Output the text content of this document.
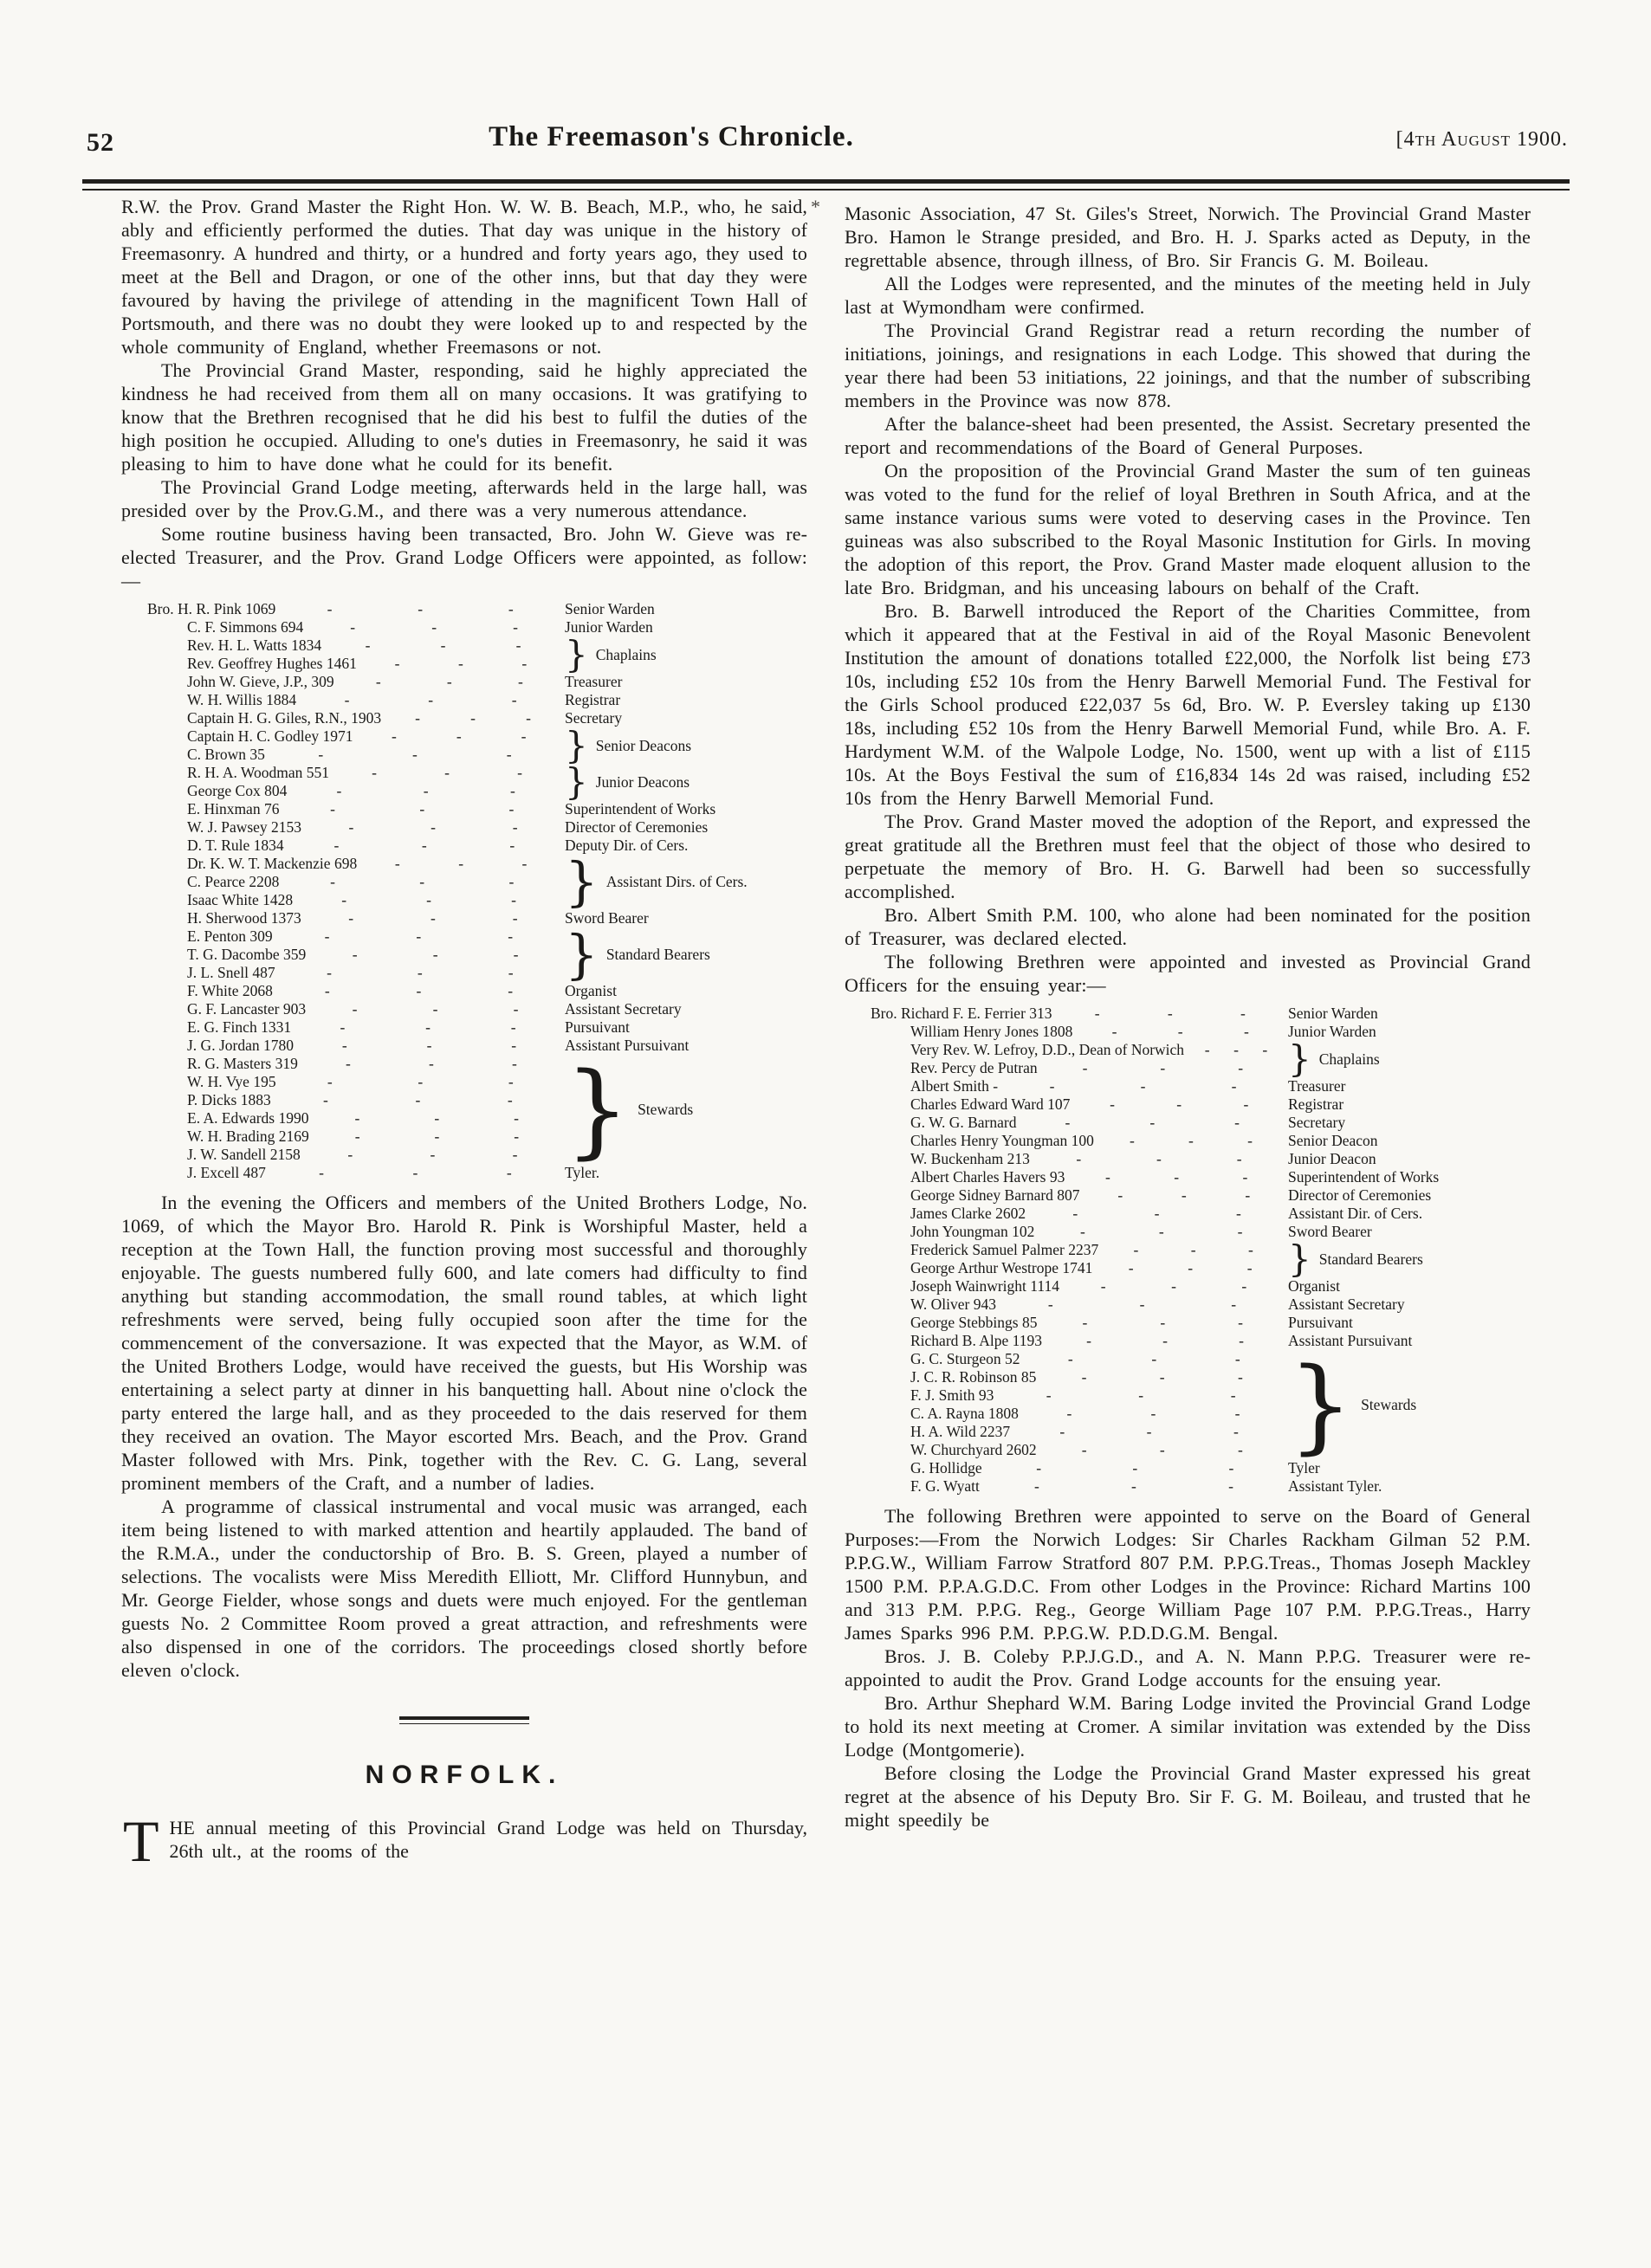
52	The Freemason's Chronicle.	[4th August 1900.
*

R.W. the Prov. Grand Master the Right Hon. W. W. B. Beach, M.P., who, he said, ably and efficiently performed the duties. That day was unique in the history of Freemasonry. A hundred and thirty, or a hundred and forty years ago, they used to meet at the Bell and Dragon, or one of the other inns, but that day they were favoured by having the privilege of attending in the magnificent Town Hall of Portsmouth, and there was no doubt they were looked up to and respected by the whole community of England, whether Freemasons or not.

The Provincial Grand Master, responding, said he highly appreciated the kindness he had received from them all on many occasions. It was gratifying to know that the Brethren recognised that he did his best to fulfil the duties of the high position he occupied. Alluding to one's duties in Freemasonry, he said it was pleasing to him to have done what he could for its benefit.

The Provincial Grand Lodge meeting, afterwards held in the large hall, was presided over by the Prov.G.M., and there was a very numerous attendance.

Some routine business having been transacted, Bro. John W. Gieve was re-elected Treasurer, and the Prov. Grand Lodge Officers were appointed, as follow:—

Bro. H. R. Pink 1069	-	-	-	Senior Warden
C. F. Simmons 694	-	-	-	Junior Warden
Rev. H. L. Watts 1834	-	-	-
Rev. Geoffrey Hughes 1461	-	-	-	} Chaplains
John W. Gieve, J.P., 309	-	-	-	Treasurer
W. H. Willis 1884	-	-	-	Registrar
Captain H. G. Giles, R.N., 1903	-	-	-	Secretary
Captain H. C. Godley 1971	-	-	-
C. Brown 35	-	-	-	} Senior Deacons
R. H. A. Woodman 551	-	-	-
George Cox 804	-	-	-	} Junior Deacons
E. Hinxman 76	-	-	-	Superintendent of Works
W. J. Pawsey 2153	-	-	-	Director of Ceremonies
D. T. Rule 1834	-	-	-	Deputy Dir. of Cers.
Dr. K. W. T. Mackenzie 698	-	-	-
C. Pearce 2208	-	-	-
Isaac White 1428	-	-	- } Assistant Dirs. of Cers.
H. Sherwood 1373	-	-	-	Sword Bearer
E. Penton 309	-	-	-
T. G. Dacombe 359	-	-	-
J. L. Snell 487	-	-	- } Standard Bearers
F. White 2068	-	-	-	Organist
G. F. Lancaster 903	-	-	-	Assistant Secretary
E. G. Finch 1331	-	-	-	Pursuivant
J. G. Jordan 1780	-	-	-	Assistant Pursuivant
R. G. Masters 319	-	-	-
W. H. Vye 195	-	-	-
P. Dicks 1883	-	-	-
E. A. Edwards 1990	-	-	-
W. H. Brading 2169	-	-	-
J. W. Sandell 2158	-	-	- } Stewards
J. Excell 487	-	-	-	Tyler.

In the evening the Officers and members of the United Brothers Lodge, No. 1069, of which the Mayor Bro. Harold R. Pink is Worshipful Master, held a reception at the Town Hall, the function proving most successful and thoroughly enjoyable. The guests numbered fully 600, and late comers had difficulty to find anything but standing accommodation, the small round tables, at which light refreshments were served, being fully occupied soon after the time for the commencement of the conversazione. It was expected that the Mayor, as W.M. of the United Brothers Lodge, would have received the guests, but His Worship was entertaining a select party at dinner in his banquetting hall. About nine o'clock the party entered the large hall, and as they proceeded to the dais reserved for them they received an ovation. The Mayor escorted Mrs. Beach, and the Prov. Grand Master followed with Mrs. Pink, together with the Rev. C. G. Lang, several prominent members of the Craft, and a number of ladies.

A programme of classical instrumental and vocal music was arranged, each item being listened to with marked attention and heartily applauded. The band of the R.M.A., under the conductorship of Bro. B. S. Green, played a number of selections. The vocalists were Miss Meredith Elliott, Mr. Clifford Hunnybun, and Mr. George Fielder, whose songs and duets were much enjoyed. For the gentleman guests No. 2 Committee Room proved a great attraction, and refreshments were also dispensed in one of the corridors. The proceedings closed shortly before eleven o'clock.

NORFOLK.

THE annual meeting of this Provincial Grand Lodge was held on Thursday, 26th ult., at the rooms of the

Masonic Association, 47 St. Giles's Street, Norwich. The Provincial Grand Master Bro. Hamon le Strange presided, and Bro. H. J. Sparks acted as Deputy, in the regrettable absence, through illness, of Bro. Sir Francis G. M. Boileau.

All the Lodges were represented, and the minutes of the meeting held in July last at Wymondham were confirmed.

The Provincial Grand Registrar read a return recording the number of initiations, joinings, and resignations in each Lodge. This showed that during the year there had been 53 initiations, 22 joinings, and that the number of subscribing members in the Province was now 878.

After the balance-sheet had been presented, the Assist. Secretary presented the report and recommendations of the Board of General Purposes.

On the proposition of the Provincial Grand Master the sum of ten guineas was voted to the fund for the relief of loyal Brethren in South Africa, and at the same instance various sums were voted to deserving cases in the Province. Ten guineas was also subscribed to the Royal Masonic Institution for Girls. In moving the adoption of this report, the Prov. Grand Master made eloquent allusion to the late Bro. Bridgman, and his unceasing labours on behalf of the Craft.

Bro. B. Barwell introduced the Report of the Charities Committee, from which it appeared that at the Festival in aid of the Royal Masonic Benevolent Institution the amount of donations totalled £22,000, the Norfolk list being £73 10s, including £52 10s from the Henry Barwell Memorial Fund. The Festival for the Girls School produced £22,037 5s 6d, Bro. W. P. Eversley taking up £130 18s, including £52 10s from the Henry Barwell Memorial Fund, while Bro. A. F. Hardyment W.M. of the Walpole Lodge, No. 1500, went up with a list of £115 10s. At the Boys Festival the sum of £16,834 14s 2d was raised, including £52 10s from the Henry Barwell Memorial Fund.

The Prov. Grand Master moved the adoption of the Report, and expressed the great gratitude all the Brethren must feel that the object of those who desired to perpetuate the memory of Bro. H. G. Barwell had been so successfully accomplished.

Bro. Albert Smith P.M. 100, who alone had been nominated for the position of Treasurer, was declared elected.

The following Brethren were appointed and invested as Provincial Grand Officers for the ensuing year:—

Bro. Richard F. E. Ferrier 313	-	-	-	Senior Warden
William Henry Jones 1808	-	-	-	Junior Warden
Very Rev. W. Lefroy, D.D., Dean of Norwich	-	-	-
Rev. Percy de Putran	-	-	-	} Chaplains
Albert Smith -	-	-	-	Treasurer
Charles Edward Ward 107	-	-	-	Registrar
G. W. G. Barnard	-	-	-	Secretary
Charles Henry Youngman 100	-	-	-	Senior Deacon
W. Buckenham 213	-	-	-	Junior Deacon
Albert Charles Havers 93	-	-	-	Superintendent of Works
George Sidney Barnard 807	-	-	-	Director of Ceremonies
James Clarke 2602	-	-	-	Assistant Dir. of Cers.
John Youngman 102	-	-	-	Sword Bearer
Frederick Samuel Palmer 2237	-	-	-
George Arthur Westrope 1741	-	-	- } Standard Bearers
Joseph Wainwright 1114	-	-	-	Organist
W. Oliver 943	-	-	-	Assistant Secretary
George Stebbings 85	-	-	-	Pursuivant
Richard B. Alpe 1193	-	-	-	Assistant Pursuivant
G. C. Sturgeon 52	-	-	-
J. C. R. Robinson 85	-	-	-
F. J. Smith 93	-	-	-
C. A. Rayna 1808	-	-	-
H. A. Wild 2237	-	-	-
W. Churchyard 2602	-	-	- } Stewards
G. Hollidge	-	-	-	Tyler
F. G. Wyatt	-	-	-	Assistant Tyler.

The following Brethren were appointed to serve on the Board of General Purposes:—From the Norwich Lodges: Sir Charles Rackham Gilman 52 P.M. P.P.G.W., William Farrow Stratford 807 P.M. P.P.G.Treas., Thomas Joseph Mackley 1500 P.M. P.P.A.G.D.C. From other Lodges in the Province: Richard Martins 100 and 313 P.M. P.P.G. Reg., George William Page 107 P.M. P.P.G.Treas., Harry James Sparks 996 P.M. P.P.G.W. P.D.D.G.M. Bengal.

Bros. J. B. Coleby P.P.J.G.D., and A. N. Mann P.P.G. Treasurer were re-appointed to audit the Prov. Grand Lodge accounts for the ensuing year.

Bro. Arthur Shephard W.M. Baring Lodge invited the Provincial Grand Lodge to hold its next meeting at Cromer. A similar invitation was extended by the Diss Lodge (Montgomerie).

Before closing the Lodge the Provincial Grand Master expressed his great regret at the absence of his Deputy Bro. Sir F. G. M. Boileau, and trusted that he might speedily be
